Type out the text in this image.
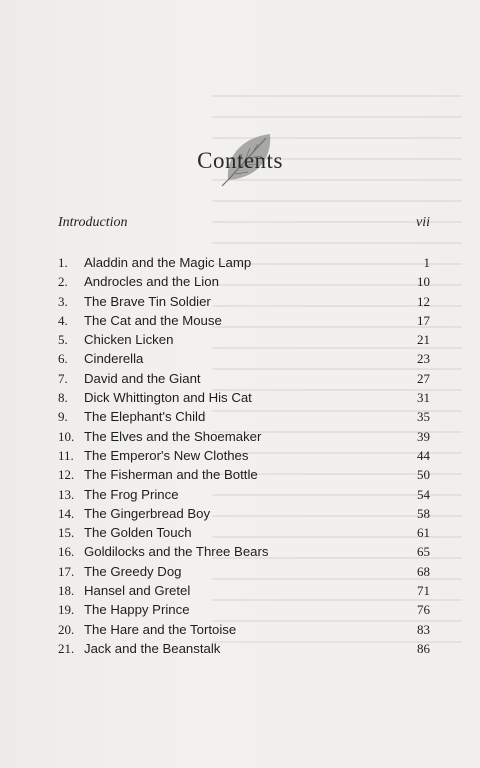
Contents
Introduction	vii
1.	Aladdin and the Magic Lamp	1
2.	Androcles and the Lion	10
3.	The Brave Tin Soldier	12
4.	The Cat and the Mouse	17
5.	Chicken Licken	21
6.	Cinderella	23
7.	David and the Giant	27
8.	Dick Whittington and His Cat	31
9.	The Elephant's Child	35
10. The Elves and the Shoemaker	39
11. The Emperor's New Clothes	44
12. The Fisherman and the Bottle	50
13. The Frog Prince	54
14. The Gingerbread Boy	58
15. The Golden Touch	61
16. Goldilocks and the Three Bears	65
17. The Greedy Dog	68
18. Hansel and Gretel	71
19. The Happy Prince	76
20. The Hare and the Tortoise	83
21. Jack and the Beanstalk	86
